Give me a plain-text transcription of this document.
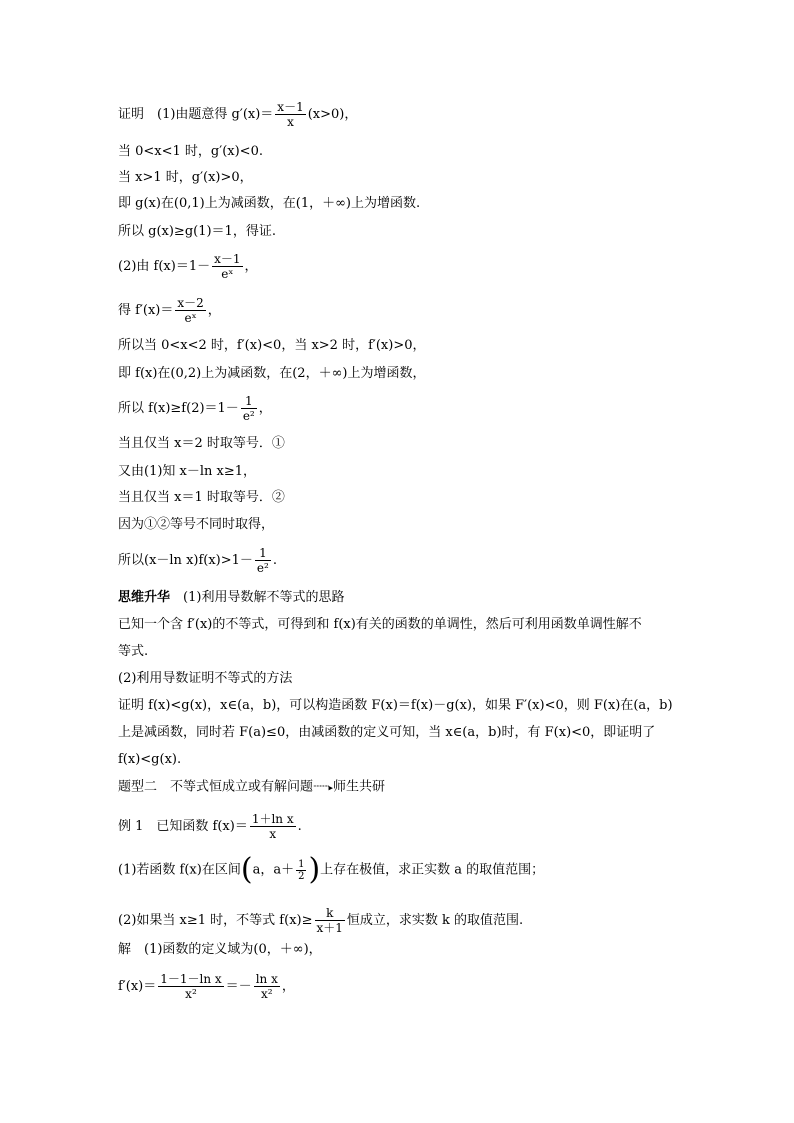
证明　(1)由题意得 $g'(x)= \frac{x-1}{x} (x>0)$，
当 0<x<1 时，g′(x)<0.
当 x>1 时，g′(x)>0，
即 g(x)在(0,1)上为减函数，在(1，＋∞)上为增函数.
所以 g(x)≥g(1)＝1，得证.
(2)由 $f(x)=1- \frac{x-1}{\text{eˣ}}$ ，
得 $f'(x)= \frac{x-2}{\text{eˣ}}$ ，
所以当 0<x<2 时，f′(x)<0，当 x>2 时，f′(x)>0，
即 f(x)在(0,2)上为减函数，在(2，＋∞)上为增函数，
所以 $f(x)\ge f(2)=1- \frac{1}{\text{e²}}$ ，
当且仅当 x＝2 时取等号．①
又由(1)知 x－ln x≥1，
当且仅当 x＝1 时取等号．②
因为①②等号不同时取得，
所以(x－ln $x)f(x)>1- \frac{1}{\text{e²}}$ .
思维升华　 (1)利用导数解不等式的思路
已知一个含 f′(x)的不等式，可得到和 f(x)有关的函数的单调性，然后可利用函数单调性解不
等式.
(2)利用导数证明不等式的方法
证明 f(x)<g(x)，x∈(a，b)，可以构造函数 F(x)＝f(x)－g(x)，如果 F′(x)<0，则 F(x)在(a，b)
上是减函数，同时若 F(a)≤0，由减函数的定义可知，当 x∈(a，b)时，有 F(x)<0，即证明了
f(x)<g(x).
题型二　不等式恒成立或有解问题··········▸师生共研
例 1　已知函数 $f(x)= \frac{\text{1＋ln x}}{x}$ .
(1)若函数 f(x)在区间(a，$a+ \frac{1}{2}$ )上存在极值，求正实数 a 的取值范围；
(2)如果当 x≥1 时，不等式 $f(x)\ge \frac{k}{x+1}$ 恒成立，求实数 k 的取值范围.
解　(1)函数的定义域为(0，＋∞)，
$f'(x)= \frac{\text{1－1－ln x}}{\text{x²}} =- \frac{\text{ln x}}{\text{x²}}$ ，
